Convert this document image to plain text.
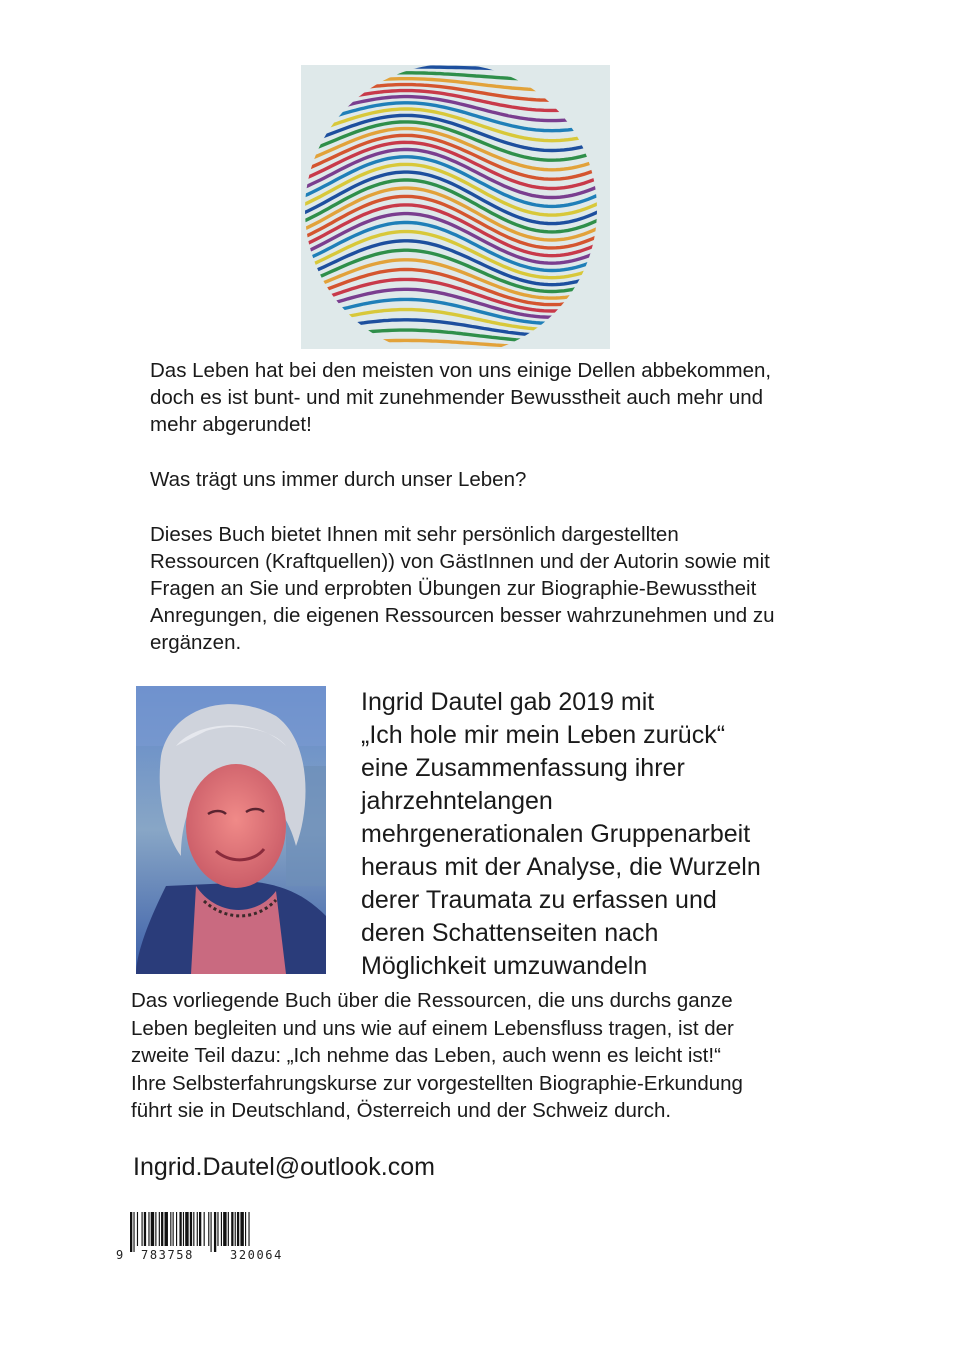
Das Leben hat bei den meisten von uns einige Dellen abbekommen,

doch es ist bunt- und mit zunehmender Bewusstheit auch mehr und

mehr abgerundet!

Was trägt uns immer durch unser Leben?

Dieses Buch bietet Ihnen mit sehr persönlich dargestellten

Ressourcen (Kraftquellen)) von GästInnen und der Autorin sowie mit

Fragen an Sie und erprobten Übungen zur Biographie-Bewusstheit

Anregungen, die eigenen Ressourcen besser wahrzunehmen und zu

ergänzen.

Ingrid Dautel gab 2019 mit
„Ich hole mir mein Leben zurück“
eine Zusammenfassung ihrer
jahrzehntelangen
mehrgenerationalen Gruppenarbeit
heraus mit der Analyse, die Wurzeln
derer Traumata zu erfassen und
deren Schattenseiten nach
Möglichkeit umzuwandeln
Das vorliegende Buch über die Ressourcen, die uns durchs ganze
Leben begleiten und uns wie auf einem Lebensfluss tragen, ist der
zweite Teil dazu: „Ich nehme das Leben, auch wenn es leicht ist!“
Ihre Selbsterfahrungskurse zur vorgestellten Biographie-Erkundung
führt sie in Deutschland, Österreich und der Schweiz durch.
Ingrid.Dautel@outlook.com
9 783758	320064
